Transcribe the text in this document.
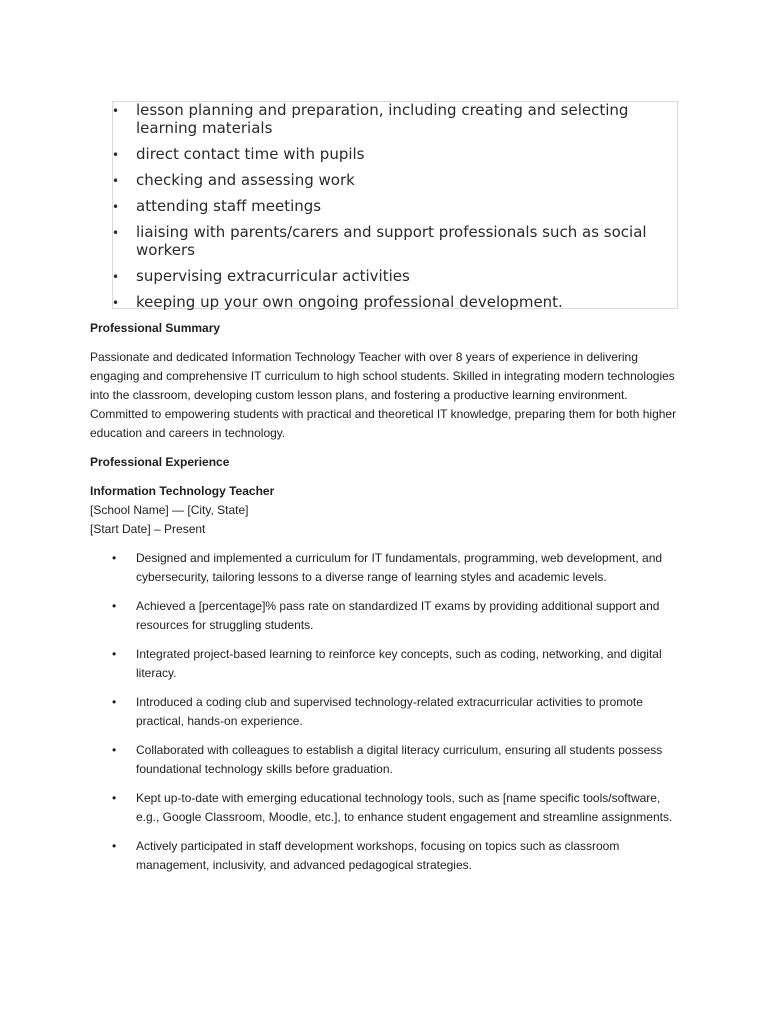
• lesson planning and preparation, including creating and selecting learning materials
• direct contact time with pupils
• checking and assessing work
• attending staff meetings
• liaising with parents/carers and support professionals such as social workers
• supervising extracurricular activities
• keeping up your own ongoing professional development.

Professional Summary

Passionate and dedicated Information Technology Teacher with over 8 years of experience in delivering engaging and comprehensive IT curriculum to high school students. Skilled in integrating modern technologies into the classroom, developing custom lesson plans, and fostering a productive learning environment. Committed to empowering students with practical and theoretical IT knowledge, preparing them for both higher education and careers in technology.

Professional Experience

Information Technology Teacher

[School Name] — [City, State]

[Start Date] – Present

• Designed and implemented a curriculum for IT fundamentals, programming, web development, and cybersecurity, tailoring lessons to a diverse range of learning styles and academic levels.
• Achieved a [percentage]% pass rate on standardized IT exams by providing additional support and resources for struggling students.
• Integrated project-based learning to reinforce key concepts, such as coding, networking, and digital literacy.
• Introduced a coding club and supervised technology-related extracurricular activities to promote practical, hands-on experience.
• Collaborated with colleagues to establish a digital literacy curriculum, ensuring all students possess foundational technology skills before graduation.
• Kept up-to-date with emerging educational technology tools, such as [name specific tools/software, e.g., Google Classroom, Moodle, etc.], to enhance student engagement and streamline assignments.
• Actively participated in staff development workshops, focusing on topics such as classroom management, inclusivity, and advanced pedagogical strategies.
